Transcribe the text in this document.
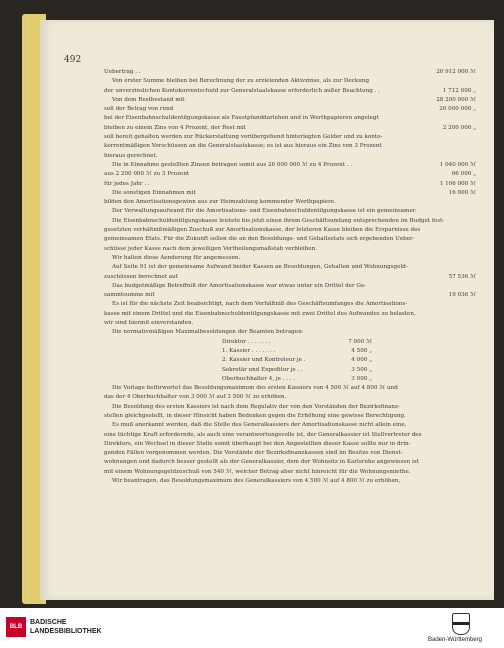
492
Uebertrag . .	20 912 000 ℳ
Von erster Summe bleiben bei Berechnung der zu erzielenden Aktivzinse, als zur Deckung
der unverzinslichen Kontokorrentschuld zur Generalstaatskasse erforderlich außer Beachtung . .	1 712 000 „
Von dem Restbestand mit	28 200 000 ℳ
soll der Betrag von rund	26 000 000 „
bei der Eisenbahnschuldentilgungskasse als Faustpfanddarlehen und in Werthpapieren angelegt
bleiben zu einem Zins von 4 Prozent, der Rest mit	2 200 000 „
soll bereit gehalten werden zur Rückerstattung vorübergehend hinterlegten Gelder und zu konto-
korrentmäßigen Vorschüssen an die Generalstaatskasse; es ist aus hieraus ein Zins von 3 Prozent
hieraus gerechnet.
Die in Einnahme gestellten Zinsen betragen somit aus 26 000 000 ℳ zu 4 Prozent . .	1 040 000 ℳ
aus 2 200 000 ℳ zu 3 Prozent	66 000 „
für jedes Jahr . .	1 106 000 ℳ
Die sonstigen Einnahmen mit	16 000 ℳ
bilden den Amortisationsgewinn aus zur Heimzahlung kommender Werthpapiere.
Der Verwaltungsaufwand für die Amortisations- und Eisenbahnschuldentilgungskasse ist ein gemeinsamer.
Die Eisenbahnschuldentilgungskasse leistete bis jetzt einen ihrem Geschäftsumfang entsprechenden im Budget fest-
gesetzten verhältnißmäßigen Zuschuß zur Amortisationskasse, der letzteren Kasse bleiben die Ersparnisse des
gemeinsamen Etats. Für die Zukunft sollen die an den Besoldungs- und Gehaltsetats sich ergebenden Ueber-
schüsse jeder Kasse nach dem jeweiligen Vertheilungsmaßstab verbleiben.
Wir halten diese Aenderung für angemessen.
Auf Seite 91 ist der gemeinsame Aufwand beider Kassen an Besoldungen, Gehalten und Wohnungsgeld-
zuschüssen berechnet auf	57 536 ℳ
Das budgetmäßige Betreffniß der Amortisationskasse war etwas unter ein Drittel der Ge-
sammtsumme mit	19 036 ℳ
Es ist für die nächste Zeit beabsichtigt, nach dem Verhältniß des Geschäftsumfanges die Amortisations-
kasse mit einem Drittel und die Eisenbahnschuldentilgungskasse mit zwei Drittel des Aufwandes zu belasten,
wir sind hiermit einverstanden.
Die normativmäßigen Maximalbesoldungen der Beamten betragen:
Direktor . . . . . . .	7 000 ℳ
1. Kassier . . . . . . .	4 500 „
2. Kassier und Kontroleur je .	4 000 „
Sekretär und Expeditor je . .	3 500 „
Oberbuchhalter 4, je . . . .	3 000 „
Die Vorlage befürwortet das Besoldungsmaximum des ersten Kassiers von 4 500 ℳ auf 4 800 ℳ und
das der 4 Oberbuchhalter von 3 000 ℳ auf 3 500 ℳ zu erhöhen.
Die Besoldung des ersten Kassiers ist nach dem Regulativ der von den Vorständen der Bezirksfinanz-
stellen gleichgestellt, in dieser Hinsicht haben Bedenken gegen die Erhöhung eine gewisse Berechtigung.
Es muß anerkannt werden, daß die Stelle des Generalkassiers der Amortisationskasse nicht allein eine,
eine tüchtige Kraft erfordernde, als auch eine verantwortungsvolle ist, der Generalkassier ist Stellvertreter des
Direktors, ein Wechsel in dieser Stelle somit überhaupt bei den Angestellten dieser Kasse sollte nur in drin-
genden Fällen vorgenommen werden. Die Vorstände der Bezirksfinanzkassen sind im Besitze von Dienst-
wohnungen und dadurch besser gestellt als der Generalkassier, dem der Wohnsitz in Karlsruhe angewiesen ist
mit einem Wohnungsgeldzuschuß von 540 ℳ, welcher Betrag aber nicht hinreicht für die Wohnungsmiethe.
Wir beantragen, das Besoldungsmaximum des Generalkassiers von 4 500 ℳ auf 4 800 ℳ zu erhöhen,
BLB
BADISCHE
LANDESBIBLIOTHEK
Baden-Württemberg
